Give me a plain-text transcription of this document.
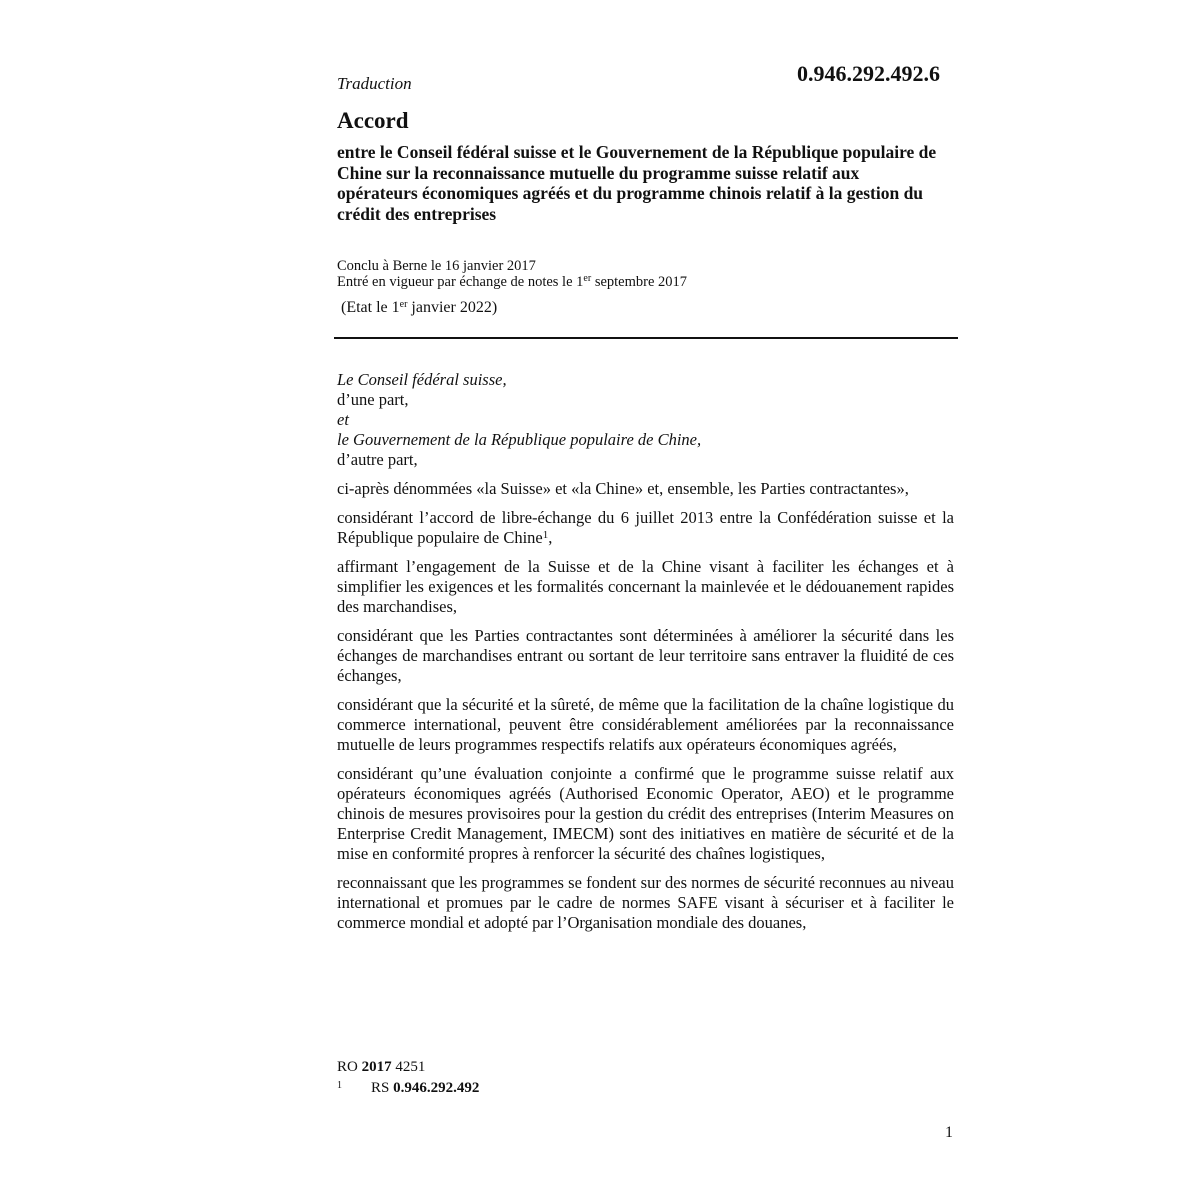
Traduction	0.946.292.492.6
Accord
entre le Conseil fédéral suisse et le Gouvernement de la République populaire de Chine sur la reconnaissance mutuelle du programme suisse relatif aux opérateurs économiques agréés et du programme chinois relatif à la gestion du crédit des entreprises
Conclu à Berne le 16 janvier 2017
Entré en vigueur par échange de notes le 1er septembre 2017
(Etat le 1er janvier 2022)
Le Conseil fédéral suisse,
d’une part,
et
le Gouvernement de la République populaire de Chine,
d’autre part,

ci-après dénommées «la Suisse» et «la Chine» et, ensemble, les Parties contractantes»,

considérant l’accord de libre-échange du 6 juillet 2013 entre la Confédération suisse et la République populaire de Chine$^1$,

affirmant l’engagement de la Suisse et de la Chine visant à faciliter les échanges et à simplifier les exigences et les formalités concernant la mainlevée et le dédouanement rapides des marchandises,

considérant que les Parties contractantes sont déterminées à améliorer la sécurité dans les échanges de marchandises entrant ou sortant de leur territoire sans entraver la fluidité de ces échanges,

considérant que la sécurité et la sûreté, de même que la facilitation de la chaîne logistique du commerce international, peuvent être considérablement améliorées par la reconnaissance mutuelle de leurs programmes respectifs relatifs aux opérateurs économiques agréés,

considérant qu’une évaluation conjointe a confirmé que le programme suisse relatif aux opérateurs économiques agréés (Authorised Economic Operator, AEO) et le programme chinois de mesures provisoires pour la gestion du crédit des entreprises (Interim Measures on Enterprise Credit Management, IMECM) sont des initiatives en matière de sécurité et de la mise en conformité propres à renforcer la sécurité des chaînes logistiques,

reconnaissant que les programmes se fondent sur des normes de sécurité reconnues au niveau international et promues par le cadre de normes SAFE visant à sécuriser et à faciliter le commerce mondial et adopté par l’Organisation mondiale des douanes,

RO 2017 4251
1 RS 0.946.292.492
1
